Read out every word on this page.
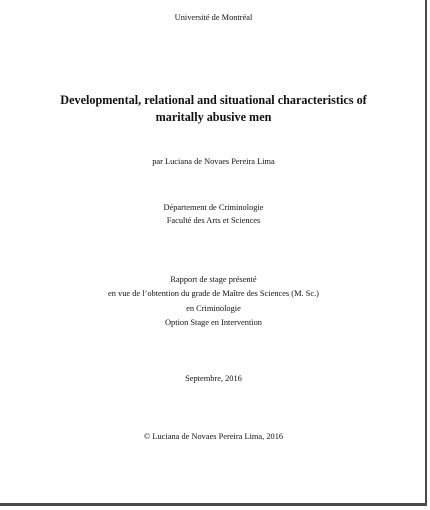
Université de Montréal
Developmental, relational and situational characteristics of
maritally abusive men
par Luciana de Novaes Pereira Lima
Département de Criminologie
Faculté des Arts et Sciences
Rapport de stage présenté
en vue de l’obtention du grade de Maître des Sciences (M. Sc.)
en Criminologie
Option Stage en Intervention
Septembre, 2016
© Luciana de Novaes Pereira Lima, 2016
